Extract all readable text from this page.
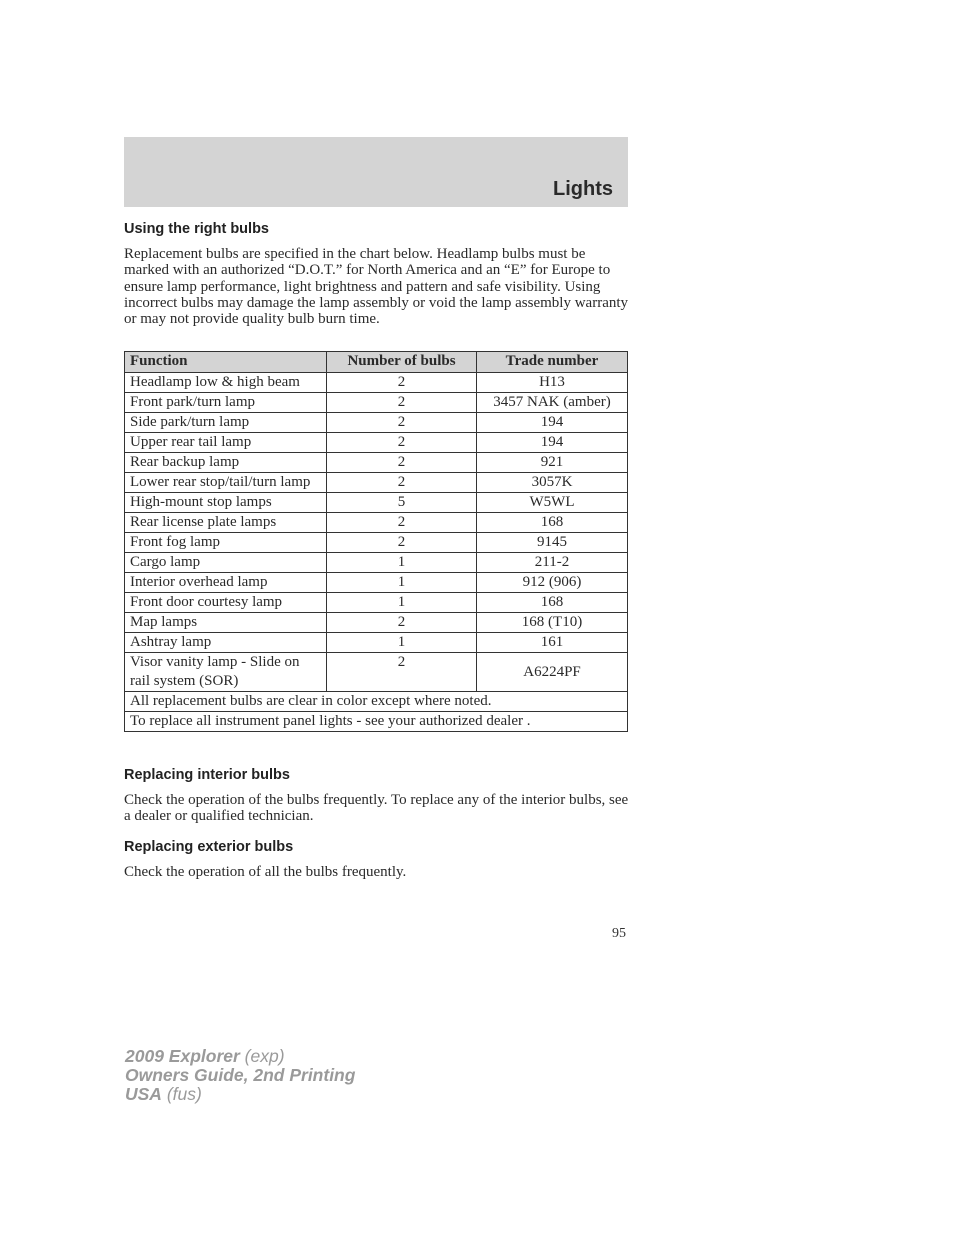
Lights
Using the right bulbs
Replacement bulbs are specified in the chart below. Headlamp bulbs must be marked with an authorized “D.O.T.” for North America and an “E” for Europe to ensure lamp performance, light brightness and pattern and safe visibility. Using incorrect bulbs may damage the lamp assembly or void the lamp assembly warranty or may not provide quality bulb burn time.
Function	Number of bulbs	Trade number
Headlamp low & high beam	2	H13
Front park/turn lamp	2	3457 NAK (amber)
Side park/turn lamp	2	194
Upper rear tail lamp	2	194
Rear backup lamp	2	921
Lower rear stop/tail/turn lamp	2	3057K
High-mount stop lamps	5	W5WL
Rear license plate lamps	2	168
Front fog lamp	2	9145
Cargo lamp	1	211-2
Interior overhead lamp	1	912 (906)
Front door courtesy lamp	1	168
Map lamps	2	168 (T10)
Ashtray lamp	1	161
Visor vanity lamp - Slide on rail system (SOR)	2	A6224PF
All replacement bulbs are clear in color except where noted.		
To replace all instrument panel lights - see your authorized dealer .		
Replacing interior bulbs
Check the operation of the bulbs frequently. To replace any of the interior bulbs, see a dealer or qualified technician.
Replacing exterior bulbs
Check the operation of all the bulbs frequently.
95
2009 Explorer (exp)
Owners Guide, 2nd Printing
USA (fus)
